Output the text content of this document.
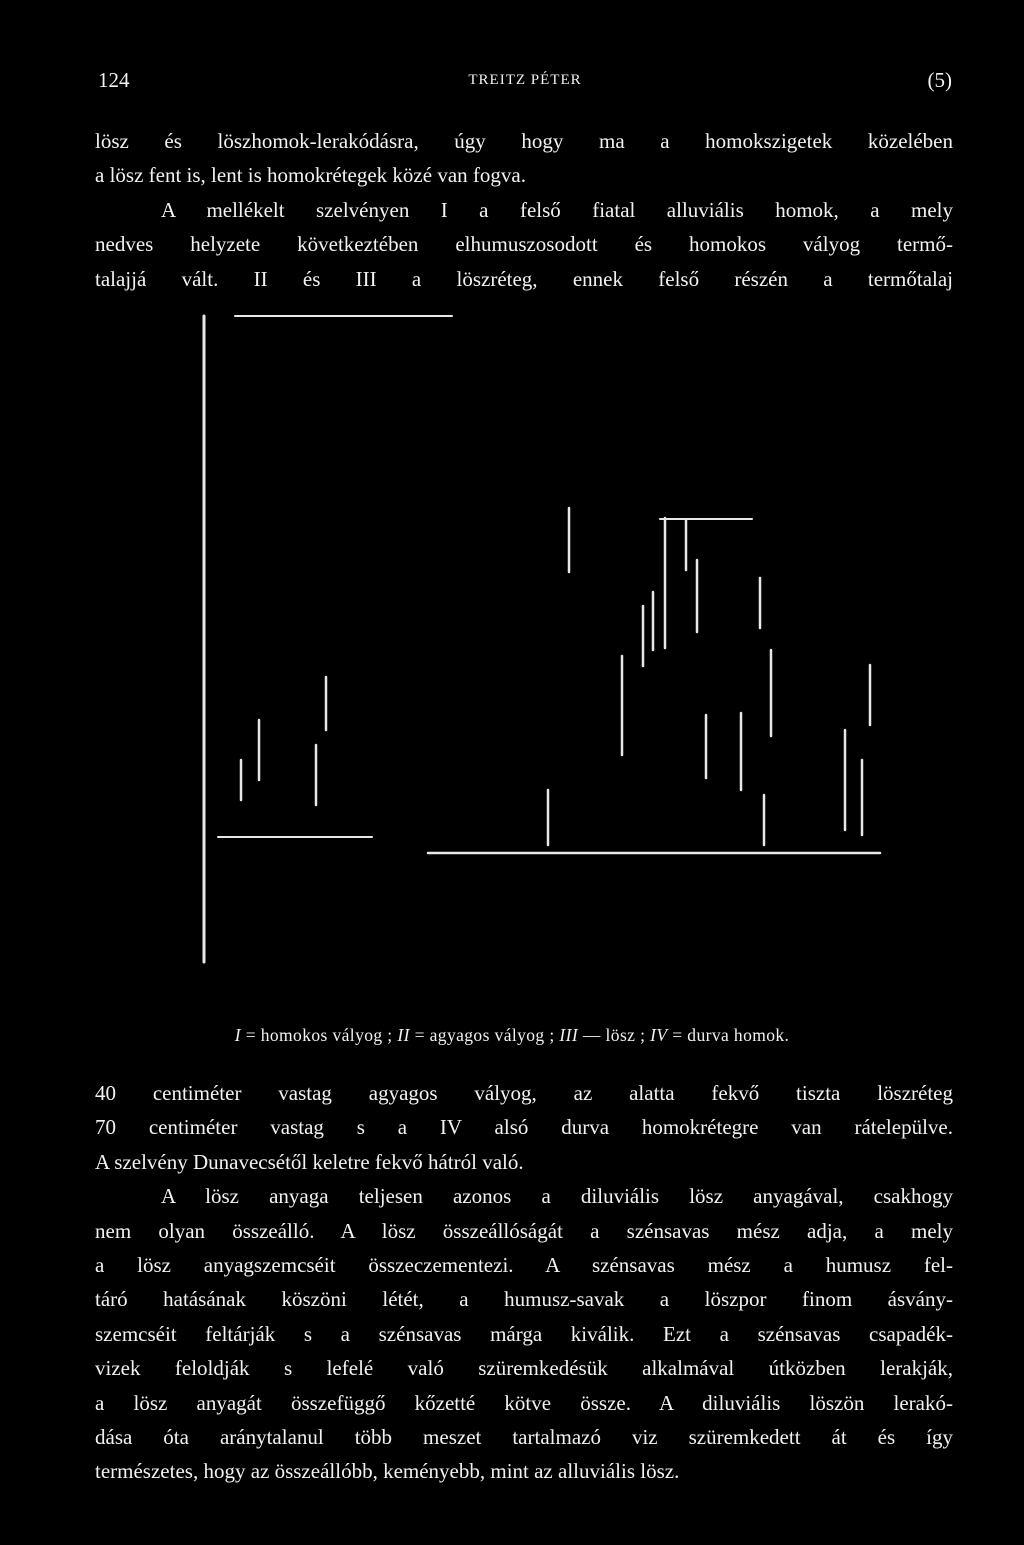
124	TREITZ PÉTER	(5)
lösz és löszhomok-lerakódásra, úgy hogy ma a homokszigetek közelében
a lösz fent is, lent is homokrétegek közé van fogva.
A mellékelt szelvényen I a felső fiatal alluviális homok, a mely
nedves helyzete következtében elhumuszosodott és homokos vályog termő-
talajjá vált. II és III a löszréteg, ennek felső részén a termőtalaj
I = homokos vályog ; II = agyagos vályog ; III — lösz ; IV = durva homok.
40 centiméter vastag agyagos vályog, az alatta fekvő tiszta löszréteg
70 centiméter vastag s a IV alsó durva homokrétegre van rátelepülve.
A szelvény Dunavecsétől keletre fekvő hátról való.
A lösz anyaga teljesen azonos a diluviális lösz anyagával, csakhogy
nem olyan összeálló. A lösz összeállóságát a szénsavas mész adja, a mely
a lösz anyagszemcséit összeczementezi. A szénsavas mész a humusz fel-
táró hatásának köszöni létét, a humusz-savak a löszpor finom ásvány-
szemcséit feltárják s a szénsavas márga kiválik. Ezt a szénsavas csapadék-
vizek feloldják s lefelé való szüremkedésük alkalmával útközben lerakják,
a lösz anyagát összefüggő kőzetté kötve össze. A diluviális löszön lerakó-
dása óta aránytalanul több meszet tartalmazó viz szüremkedett át és így
természetes, hogy az összeállóbb, keményebb, mint az alluviális lösz.
